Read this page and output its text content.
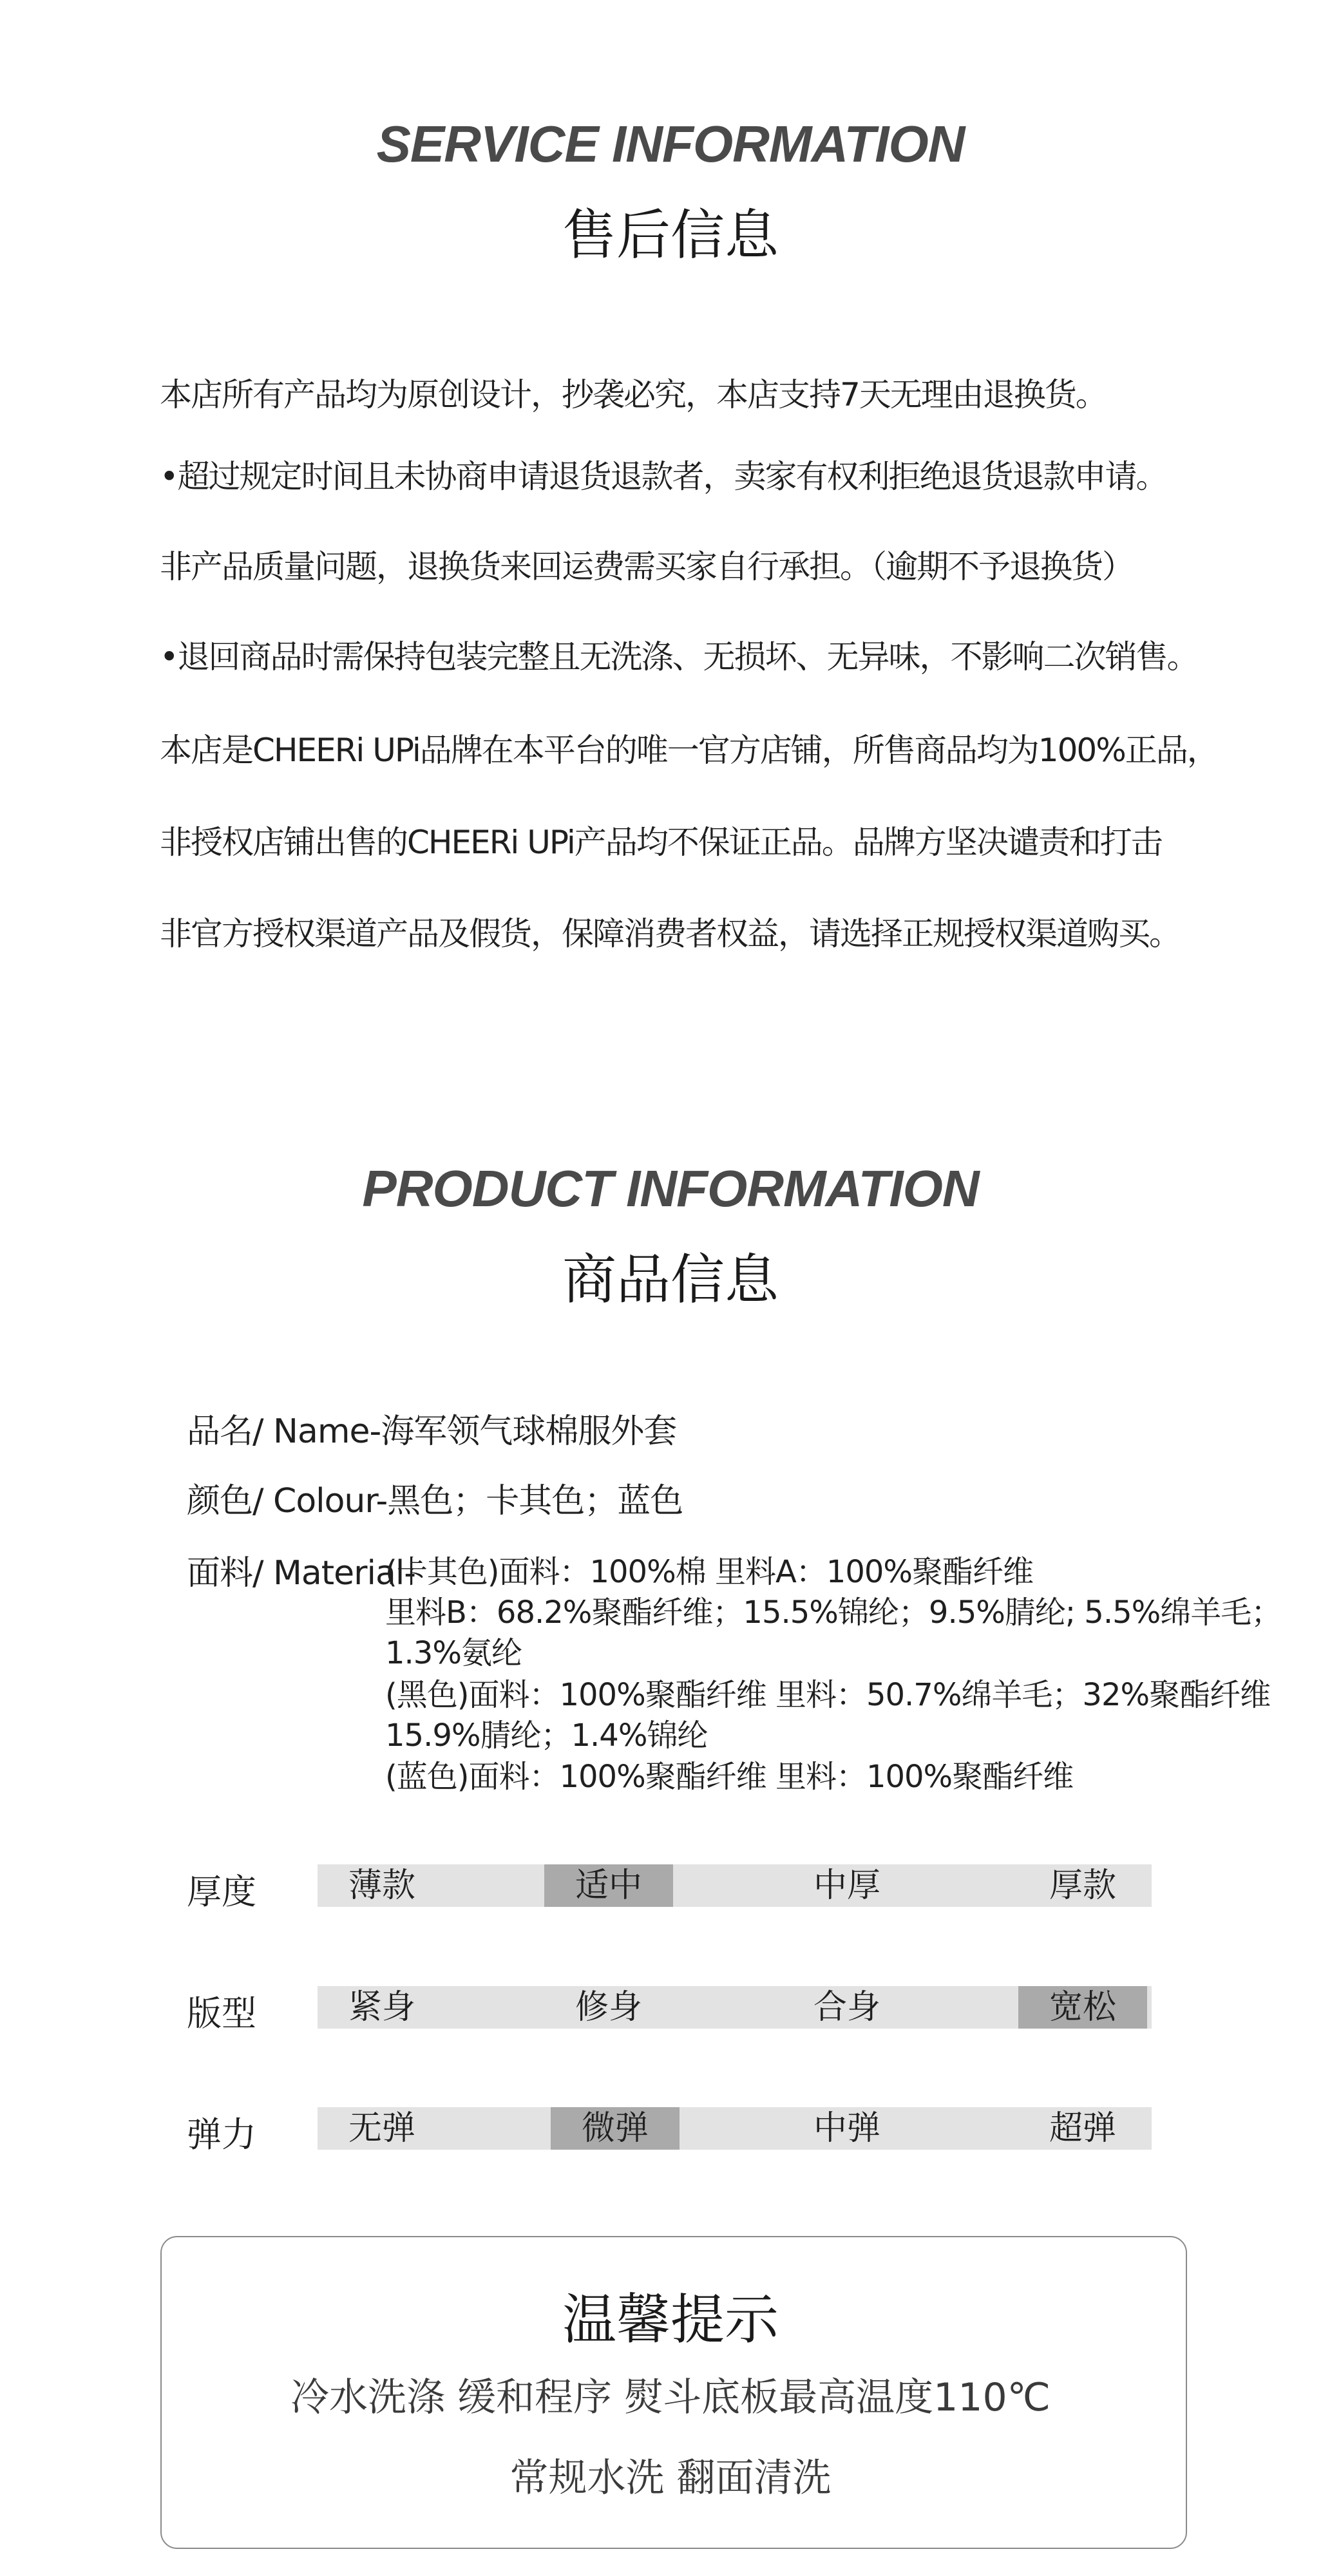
SERVICE INFORMATION
售后信息
本店所有产品均为原创设计，抄袭必究，本店支持7天无理由退换货。
•超过规定时间且未协商申请退货退款者，卖家有权利拒绝退货退款申请。
非产品质量问题，退换货来回运费需买家自行承担。（逾期不予退换货）
•退回商品时需保持包装完整且无洗涤、无损坏、无异味，不影响二次销售。
本店是CHEERi UPi品牌在本平台的唯一官方店铺，所售商品均为100%正品，
非授权店铺出售的CHEERi UPi产品均不保证正品。品牌方坚决谴责和打击
非官方授权渠道产品及假货，保障消费者权益，请选择正规授权渠道购买。
PRODUCT INFORMATION
商品信息
品名/ Name-海军领气球棉服外套
颜色/ Colour-黑色；卡其色；蓝色
面料/ Material-
(卡其色)面料：100%棉 里料A：100%聚酯纤维
里料B：68.2%聚酯纤维；15.5%锦纶；9.5%腈纶; 5.5%绵羊毛；
1.3%氨纶
(黑色)面料：100%聚酯纤维 里料：50.7%绵羊毛；32%聚酯纤维
15.9%腈纶；1.4%锦纶
(蓝色)面料：100%聚酯纤维 里料：100%聚酯纤维
厚度	薄款	适中	中厚	厚款
版型	紧身	修身	合身	宽松
弹力	无弹	微弹	中弹	超弹
温馨提示
冷水洗涤 缓和程序 熨斗底板最高温度110℃
常规水洗 翻面清洗
